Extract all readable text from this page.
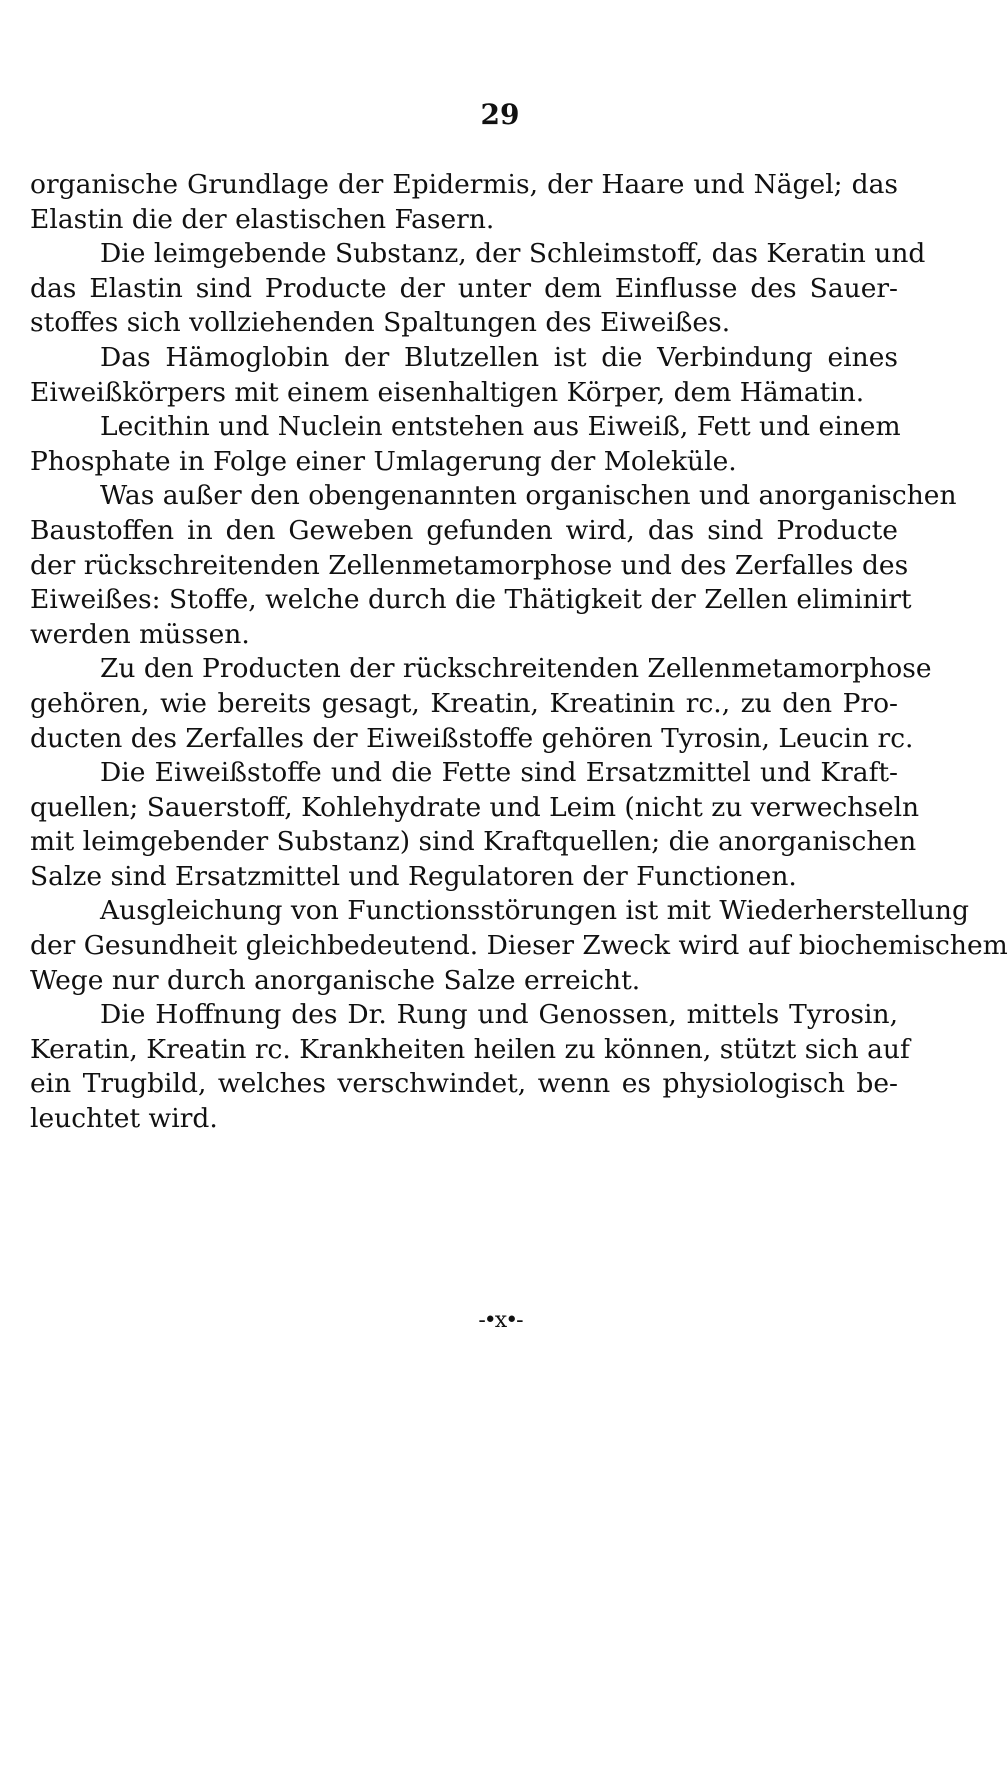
29
organische Grundlage der Epidermis, der Haare und Nägel; das
Elastin die der elastischen Fasern.
Die leimgebende Substanz, der Schleimstoff, das Keratin und
das Elastin sind Producte der unter dem Einflusse des Sauer-
stoffes sich vollziehenden Spaltungen des Eiweißes.
Das Hämoglobin der Blutzellen ist die Verbindung eines
Eiweißkörpers mit einem eisenhaltigen Körper, dem Hämatin.
Lecithin und Nuclein entstehen aus Eiweiß, Fett und einem
Phosphate in Folge einer Umlagerung der Moleküle.
Was außer den obengenannten organischen und anorganischen
Baustoffen in den Geweben gefunden wird, das sind Producte
der rückschreitenden Zellenmetamorphose und des Zerfalles des
Eiweißes: Stoffe, welche durch die Thätigkeit der Zellen eliminirt
werden müssen.
Zu den Producten der rückschreitenden Zellenmetamorphose
gehören, wie bereits gesagt, Kreatin, Kreatinin rc., zu den Pro-
ducten des Zerfalles der Eiweißstoffe gehören Tyrosin, Leucin rc.
Die Eiweißstoffe und die Fette sind Ersatzmittel und Kraft-
quellen; Sauerstoff, Kohlehydrate und Leim (nicht zu verwechseln
mit leimgebender Substanz) sind Kraftquellen; die anorganischen
Salze sind Ersatzmittel und Regulatoren der Functionen.
Ausgleichung von Functionsstörungen ist mit Wiederherstellung
der Gesundheit gleichbedeutend. Dieser Zweck wird auf biochemischem
Wege nur durch anorganische Salze erreicht.
Die Hoffnung des Dr. Rung und Genossen, mittels Tyrosin,
Keratin, Kreatin rc. Krankheiten heilen zu können, stützt sich auf
ein Trugbild, welches verschwindet, wenn es physiologisch be-
leuchtet wird.
-•x•-
